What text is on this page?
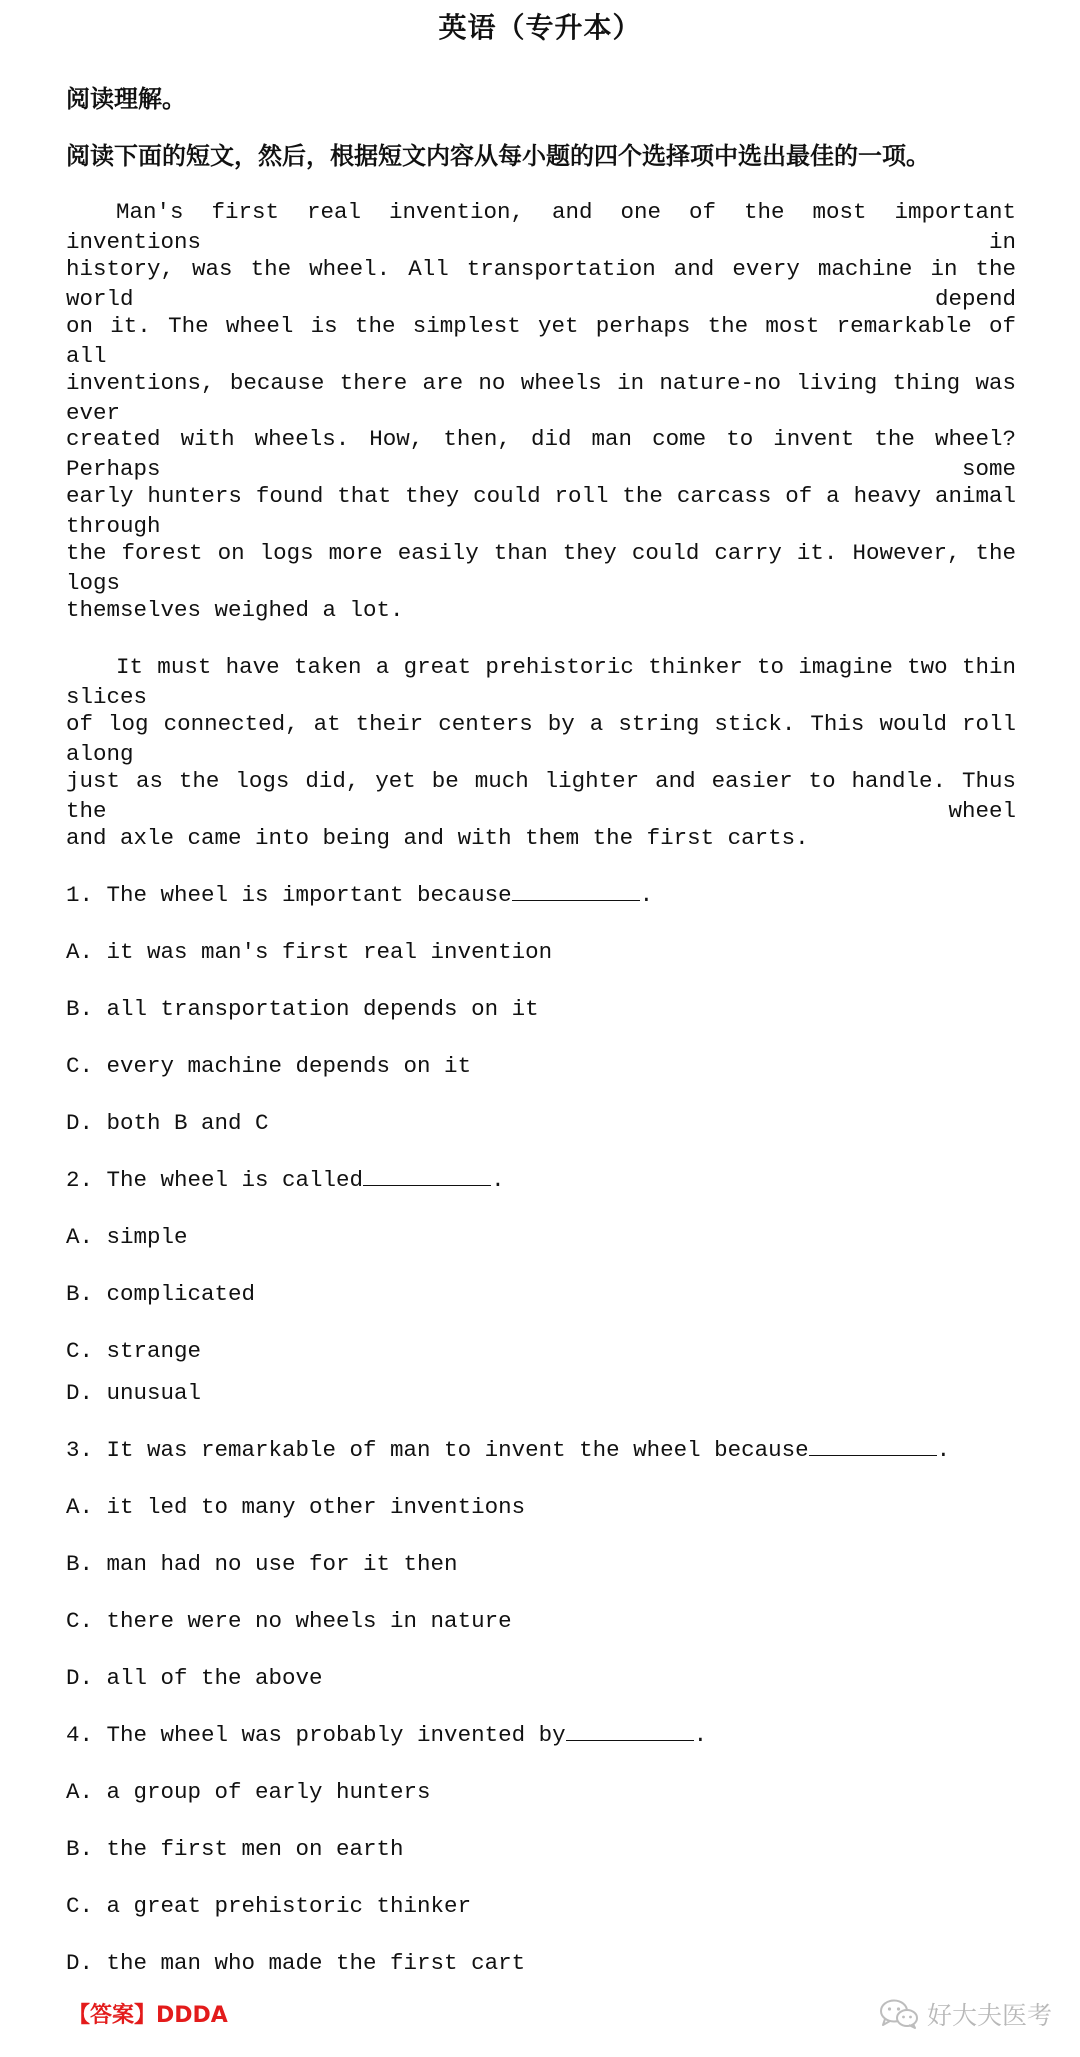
英语（专升本）
阅读理解。
阅读下面的短文，然后，根据短文内容从每小题的四个选择项中选出最佳的一项。
Man's first real invention, and one of the most important inventions in
history, was the wheel. All transportation and every machine in the world depend
on it. The wheel is the simplest yet perhaps the most remarkable of all
inventions, because there are no wheels in nature-no living thing was ever
created with wheels. How, then, did man come to invent the wheel? Perhaps some
early hunters found that they could roll the carcass of a heavy animal through
the forest on logs more easily than they could carry it. However, the logs
themselves weighed a lot.
It must have taken a great prehistoric thinker to imagine two thin slices
of log connected, at their centers by a string stick. This would roll along
just as the logs did, yet be much lighter and easier to handle. Thus the wheel
and axle came into being and with them the first carts.
1. The wheel is important because	.
A. it was man's first real invention
B. all transportation depends on it
C. every machine depends on it
D. both B and C
2. The wheel is called	.
A. simple
B. complicated
C. strange
D. unusual
3. It was remarkable of man to invent the wheel because	.
A. it led to many other inventions
B. man had no use for it then
C. there were no wheels in nature
D. all of the above
4. The wheel was probably invented by	.
A. a group of early hunters
B. the first men on earth
C. a great prehistoric thinker
D. the man who made the first cart
【答案】DDDA	好大夫医考
